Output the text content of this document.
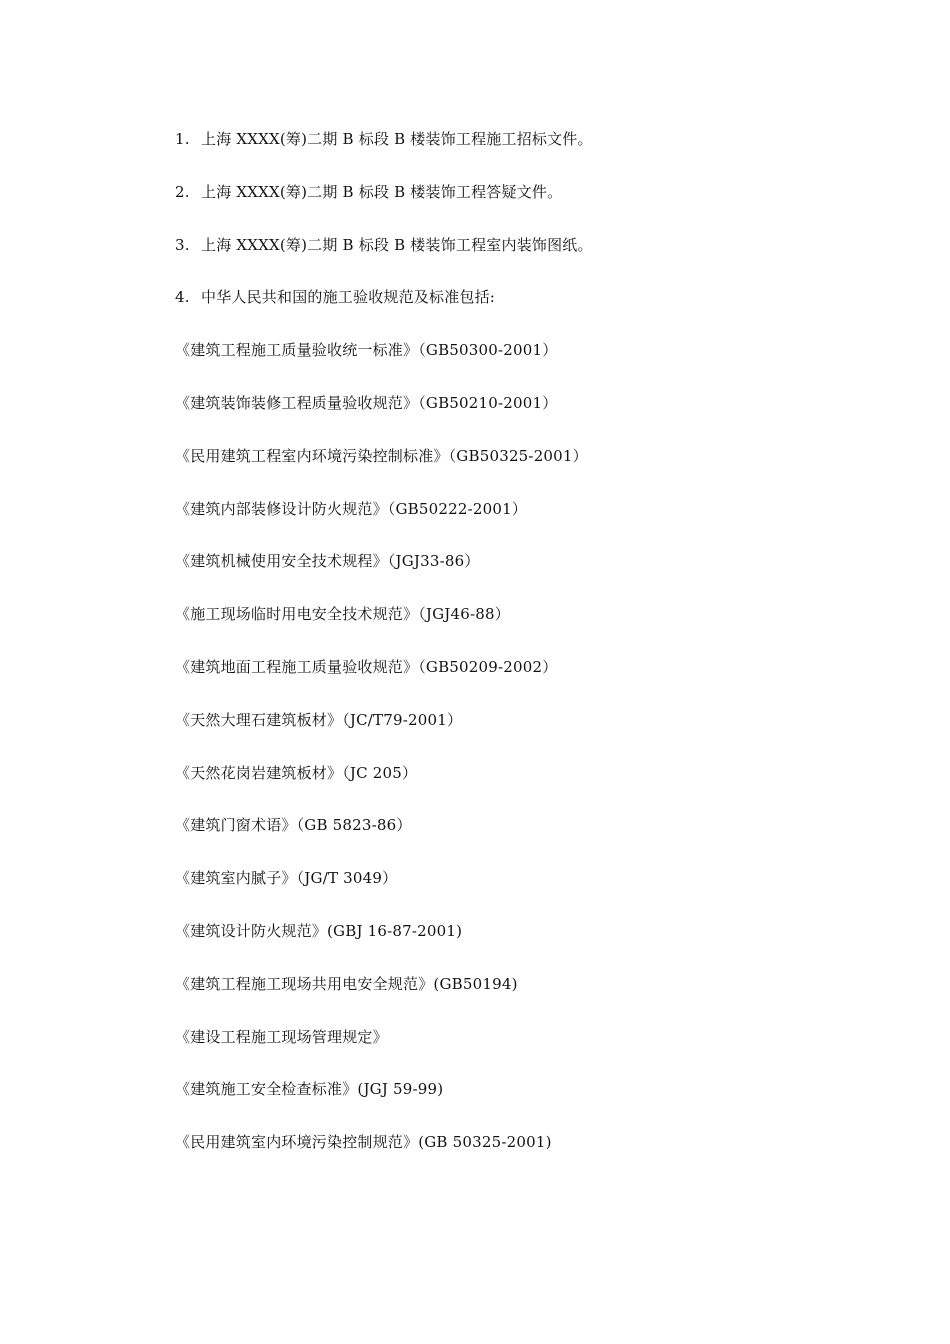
1. 上海 XXXX(筹)二期 B 标段 B 楼装饰工程施工招标文件。
2. 上海 XXXX(筹)二期 B 标段 B 楼装饰工程答疑文件。
3. 上海 XXXX(筹)二期 B 标段 B 楼装饰工程室内装饰图纸。
4. 中华人民共和国的施工验收规范及标准包括:
《建筑工程施工质量验收统一标准》（GB50300-2001）
《建筑装饰装修工程质量验收规范》（GB50210-2001）
《民用建筑工程室内环境污染控制标准》（GB50325-2001）
《建筑内部装修设计防火规范》（GB50222-2001）
《建筑机械使用安全技术规程》（JGJ33-86）
《施工现场临时用电安全技术规范》（JGJ46-88）
《建筑地面工程施工质量验收规范》（GB50209-2002）
《天然大理石建筑板材》（JC/T79-2001）
《天然花岗岩建筑板材》（JC 205）
《建筑门窗术语》（GB 5823-86）
《建筑室内腻子》（JG/T 3049）
《建筑设计防火规范》(GBJ 16-87-2001)
《建筑工程施工现场共用电安全规范》(GB50194)
《建设工程施工现场管理规定》
《建筑施工安全检查标准》(JGJ 59-99)
《民用建筑室内环境污染控制规范》(GB 50325-2001)
